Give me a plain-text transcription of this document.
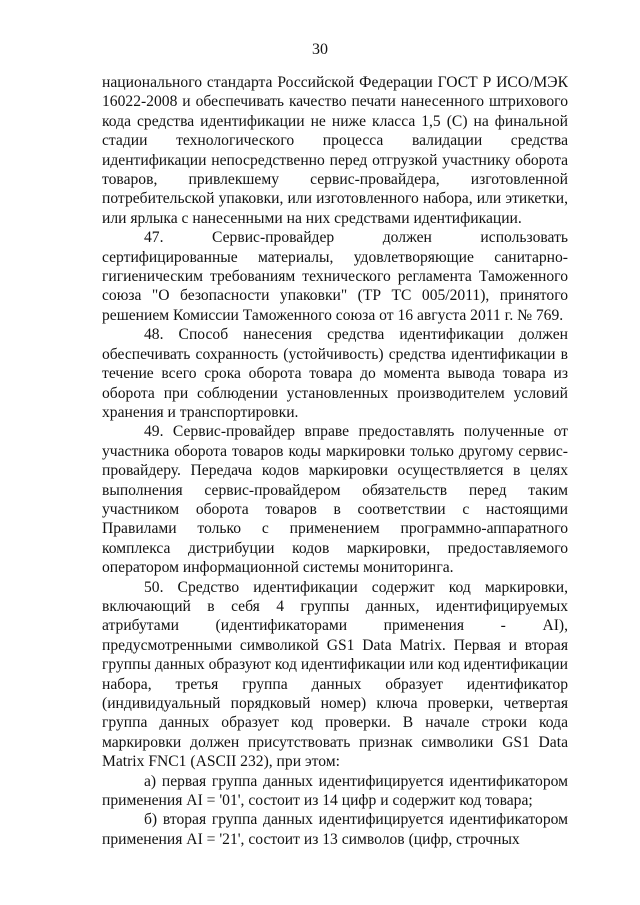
30

национального стандарта Российской Федерации ГОСТ Р ИСО/МЭК 16022-2008 и обеспечивать качество печати нанесенного штрихового кода средства идентификации не ниже класса 1,5 (С) на финальной стадии технологического процесса валидации средства идентификации непосредственно перед отгрузкой участнику оборота товаров, привлекшему сервис-провайдера, изготовленной потребительской упаковки, или изготовленного набора, или этикетки, или ярлыка с нанесенными на них средствами идентификации.

47. Сервис-провайдер должен использовать сертифицированные материалы, удовлетворяющие санитарно-гигиеническим требованиям технического регламента Таможенного союза "О безопасности упаковки" (ТР ТС 005/2011), принятого решением Комиссии Таможенного союза от 16 августа 2011 г. № 769.

48. Способ нанесения средства идентификации должен обеспечивать сохранность (устойчивость) средства идентификации в течение всего срока оборота товара до момента вывода товара из оборота при соблюдении установленных производителем условий хранения и транспортировки.

49. Сервис-провайдер вправе предоставлять полученные от участника оборота товаров коды маркировки только другому сервис-провайдеру. Передача кодов маркировки осуществляется в целях выполнения сервис-провайдером обязательств перед таким участником оборота товаров в соответствии с настоящими Правилами только с применением программно-аппаратного комплекса дистрибуции кодов маркировки, предоставляемого оператором информационной системы мониторинга.

50. Средство идентификации содержит код маркировки, включающий в себя 4 группы данных, идентифицируемых атрибутами (идентификаторами применения - AI), предусмотренными символикой GS1 Data Matrix. Первая и вторая группы данных образуют код идентификации или код идентификации набора, третья группа данных образует идентификатор (индивидуальный порядковый номер) ключа проверки, четвертая группа данных образует код проверки. В начале строки кода маркировки должен присутствовать признак символики GS1 Data Matrix FNC1 (ASCII 232), при этом:

а) первая группа данных идентифицируется идентификатором применения AI = '01', состоит из 14 цифр и содержит код товара;

б) вторая группа данных идентифицируется идентификатором применения AI = '21', состоит из 13 символов (цифр, строчных
